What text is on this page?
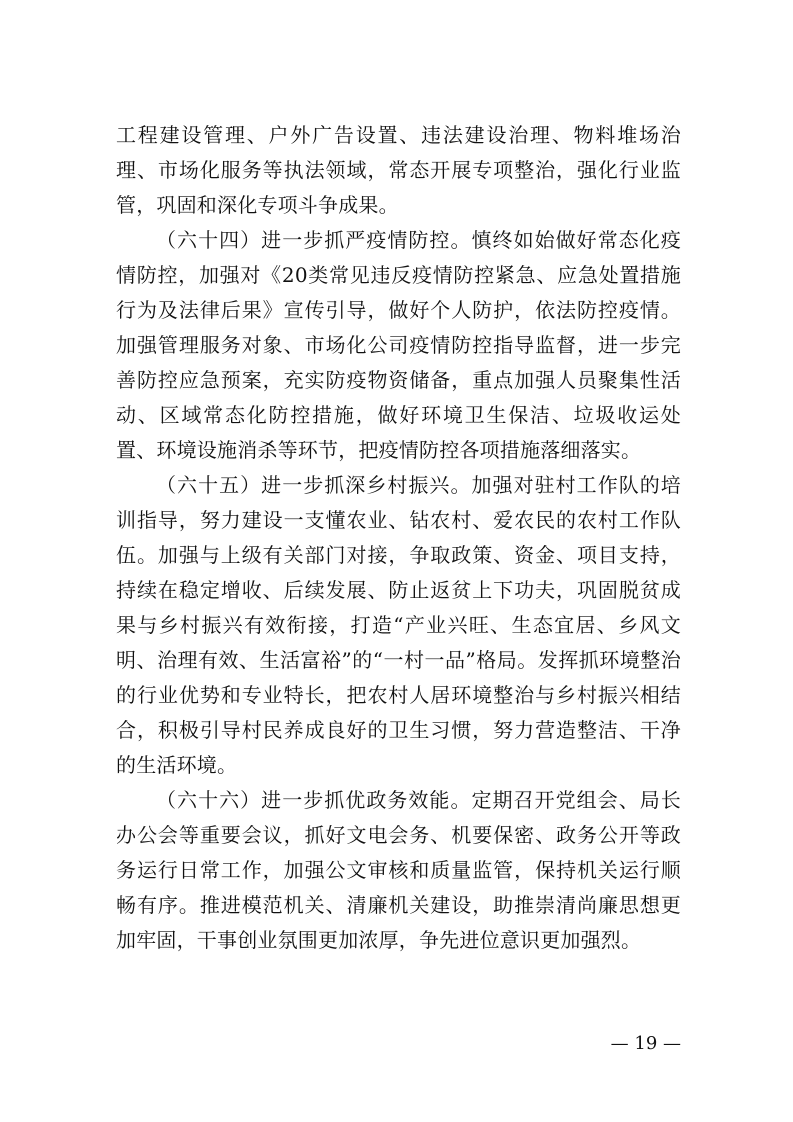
工程建设管理、户外广告设置、违法建设治理、物料堆场治理、市场化服务等执法领域，常态开展专项整治，强化行业监管，巩固和深化专项斗争成果。

（六十四）进一步抓严疫情防控。慎终如始做好常态化疫情防控，加强对《20类常见违反疫情防控紧急、应急处置措施行为及法律后果》宣传引导，做好个人防护，依法防控疫情。加强管理服务对象、市场化公司疫情防控指导监督，进一步完善防控应急预案，充实防疫物资储备，重点加强人员聚集性活动、区域常态化防控措施，做好环境卫生保洁、垃圾收运处置、环境设施消杀等环节，把疫情防控各项措施落细落实。

（六十五）进一步抓深乡村振兴。加强对驻村工作队的培训指导，努力建设一支懂农业、钻农村、爱农民的农村工作队伍。加强与上级有关部门对接，争取政策、资金、项目支持，持续在稳定增收、后续发展、防止返贫上下功夫，巩固脱贫成果与乡村振兴有效衔接，打造“产业兴旺、生态宜居、乡风文明、治理有效、生活富裕”的“一村一品”格局。发挥抓环境整治的行业优势和专业特长，把农村人居环境整治与乡村振兴相结合，积极引导村民养成良好的卫生习惯，努力营造整洁、干净的生活环境。

（六十六）进一步抓优政务效能。定期召开党组会、局长办公会等重要会议，抓好文电会务、机要保密、政务公开等政务运行日常工作，加强公文审核和质量监管，保持机关运行顺畅有序。推进模范机关、清廉机关建设，助推崇清尚廉思想更加牢固，干事创业氛围更加浓厚，争先进位意识更加强烈。

— 19 —
